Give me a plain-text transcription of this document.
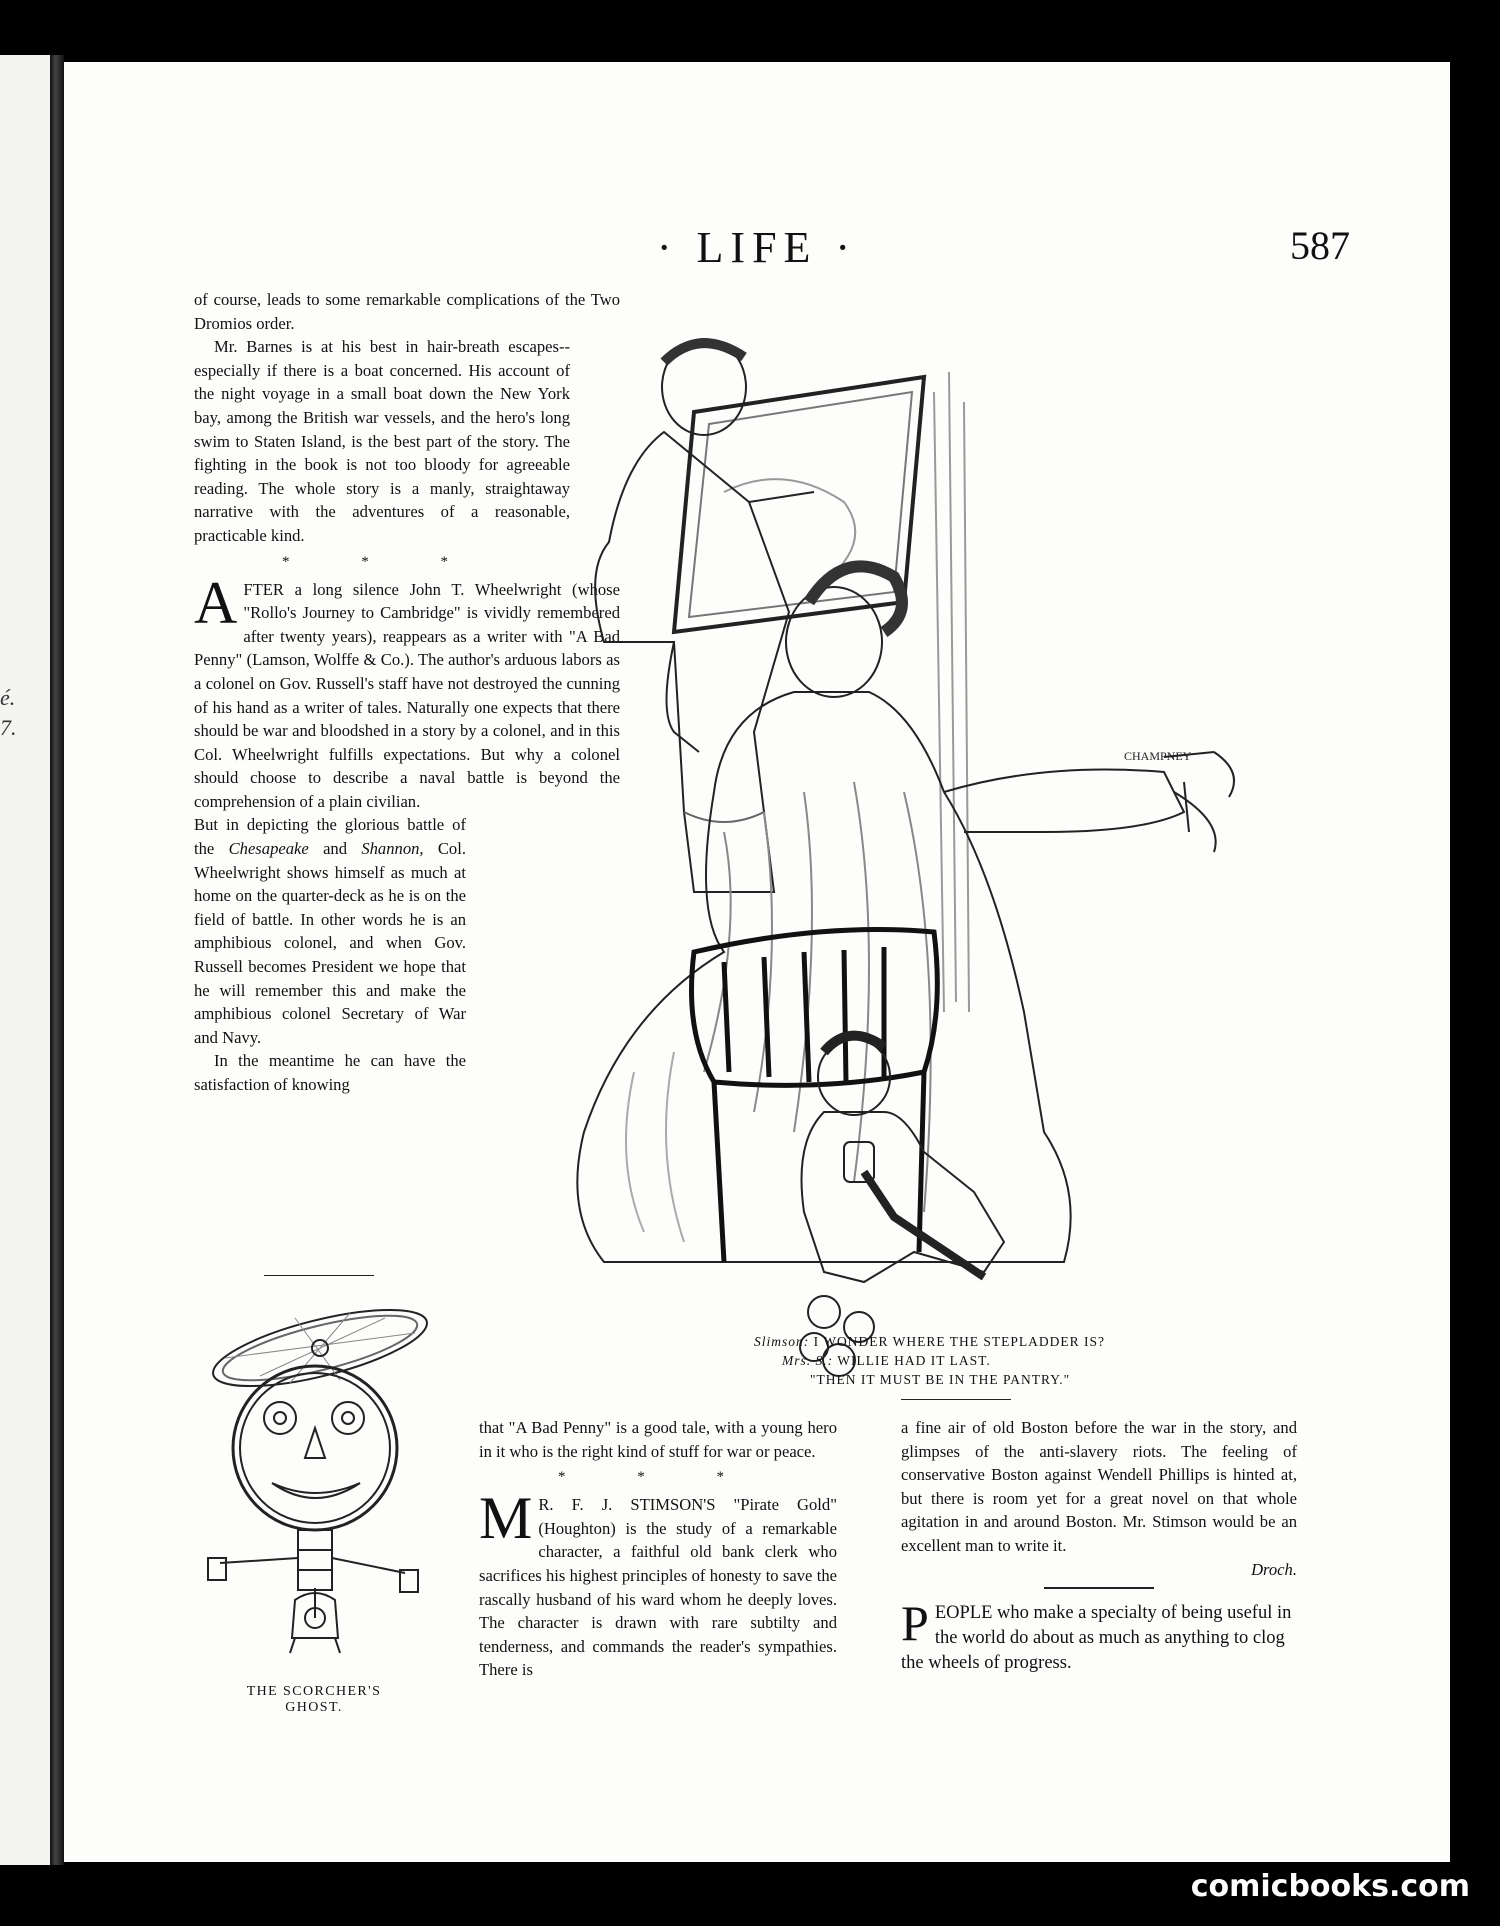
é.
7.
· LIFE ·	587

of course, leads to some remarkable complications of the Two Dromios order.

Mr. Barnes is at his best in hair-breath escapes--especially if there is a boat concerned. His account of the night voyage in a small boat down the New York bay, among the British war vessels, and the hero's long swim to Staten Island, is the best part of the story. The fighting in the book is not too bloody for agreeable reading. The whole story is a manly, straightaway narrative with the adventures of a reasonable, practicable kind.

* * *

AFTER a long silence John T. Wheelwright (whose "Rollo's Journey to Cambridge" is vividly remembered after twenty years), reappears as a writer with "A Bad Penny" (Lamson, Wolffe & Co.). The author's arduous labors as a colonel on Gov. Russell's staff have not destroyed the cunning of his hand as a writer of tales. Naturally one expects that there should be war and bloodshed in a story by a colonel, and in this Col. Wheelwright fulfills expectations. But why a colonel should choose to describe a naval battle is beyond the comprehension of a plain civilian.

But in depicting the glorious battle of the Chesapeake and Shannon, Col. Wheelwright shows himself as much at home on the quarter-deck as he is on the field of battle. In other words he is an amphibious colonel, and when Gov. Russell becomes President we hope that he will remember this and make the amphibious colonel Secretary of War and Navy.

In the meantime he can have the satisfaction of knowing

CHAMPNEY
Slimson: I WONDER WHERE THE STEPLADDER IS?
Mrs. S.: WILLIE HAD IT LAST.
"THEN IT MUST BE IN THE PANTRY."
THE SCORCHER'S GHOST.

that "A Bad Penny" is a good tale, with a young hero in it who is the right kind of stuff for war or peace.

* * *

M R. F. J. STIMSON'S "Pirate Gold" (Houghton) is the study of a remarkable character, a faithful old bank clerk who sacrifices his highest principles of honesty to save the rascally husband of his ward whom he deeply loves. The character is drawn with rare subtilty and tenderness, and commands the reader's sympathies. There is

a fine air of old Boston before the war in the story, and glimpses of the anti-slavery riots. The feeling of conservative Boston against Wendell Phillips is hinted at, but there is room yet for a great novel on that whole agitation in and around Boston. Mr. Stimson would be an excellent man to write it.

Droch.

PEOPLE who make a specialty of being useful in the world do about as much as anything to clog the wheels of progress.

comicbooks.com
